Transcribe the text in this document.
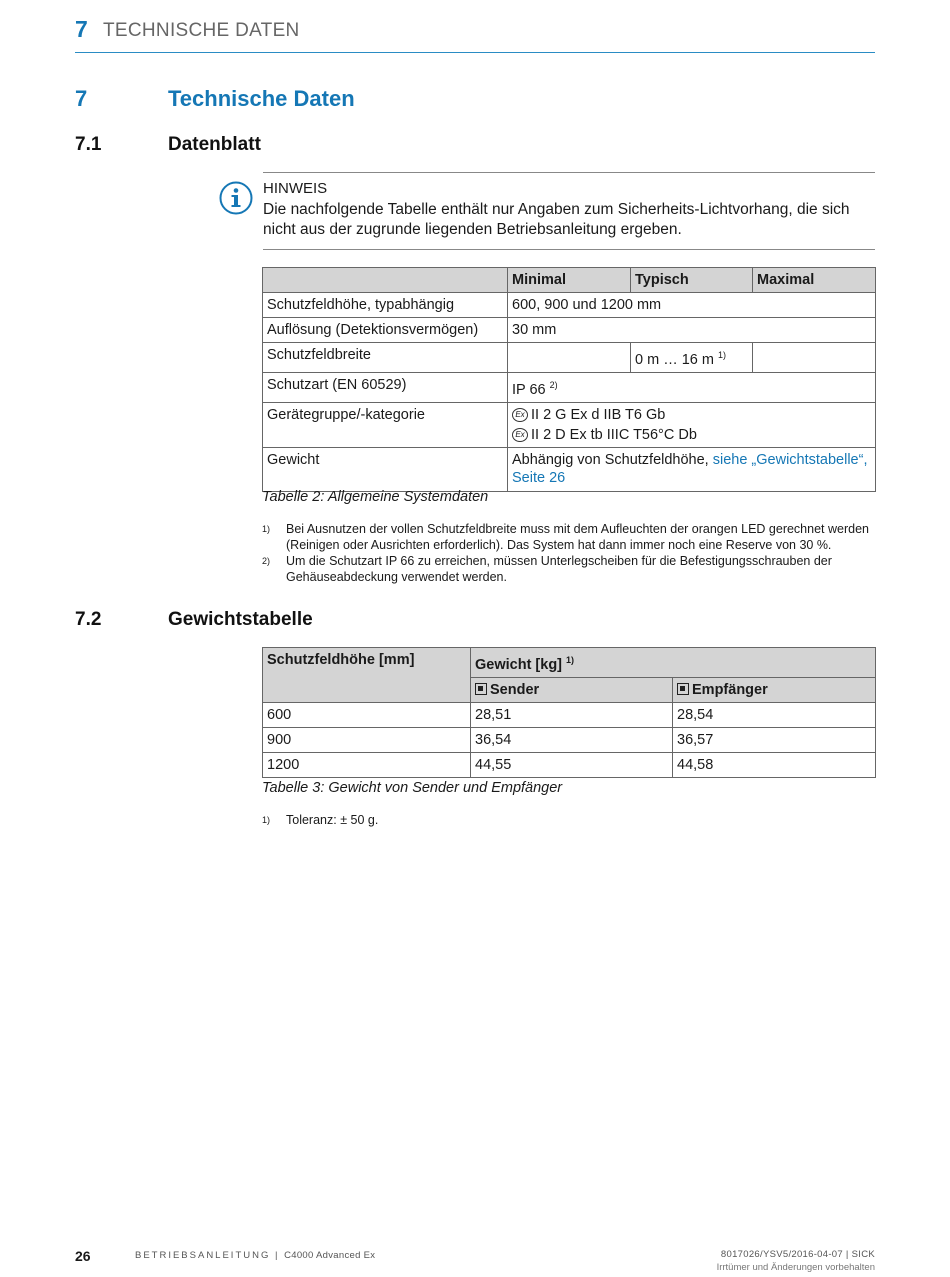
7 TECHNISCHE DATEN
7	Technische Daten
7.1	Datenblatt
HINWEIS
Die nachfolgende Tabelle enthält nur Angaben zum Sicherheits-Lichtvorhang, die sich nicht aus der zugrunde liegenden Betriebsanleitung ergeben.
	Minimal	Typisch	Maximal
Schutzfeldhöhe, typabhängig	600, 900 und 1200 mm		
Auflösung (Detektionsvermögen)	30 mm		
Schutzfeldbreite		0 m … 16 m $^{1)}$	
Schutzart (EN 60529)	IP 66 $^{2)}$
Gerätegruppe/-kategorie	Ex II 2 G Ex d IIB T6 Gb
Ex II 2 D Ex tb IIIC T56°C Db		

Gewicht	Abhängig von Schutzfeldhöhe, siehe „Gewichtstabelle“, Seite 26		
Tabelle 2: Allgemeine Systemdaten
1) Bei Ausnutzen der vollen Schutzfeldbreite muss mit dem Aufleuchten der orangen LED gerechnet werden (Reinigen oder Ausrichten erforderlich). Das System hat dann immer noch eine Reserve von 30 %.
2) Um die Schutzart IP 66 zu erreichen, müssen Unterlegscheiben für die Befestigungsschrauben der Gehäuseabdeckung verwendet werden.
7.2	Gewichtstabelle
Schutzfeldhöhe [mm]	Gewicht [kg] $^{1)}$
	Sender	Empfänger
600	28,51	28,54
900	36,54	36,57
1200	44,55	44,58
Tabelle 3: Gewicht von Sender und Empfänger
1) Toleranz: ± 50 g.
26	BETRIEBSANLEITUNG | C4000 Advanced Ex	8017026/YSV5/2016-04-07 | SICK
Irrtümer und Änderungen vorbehalten
